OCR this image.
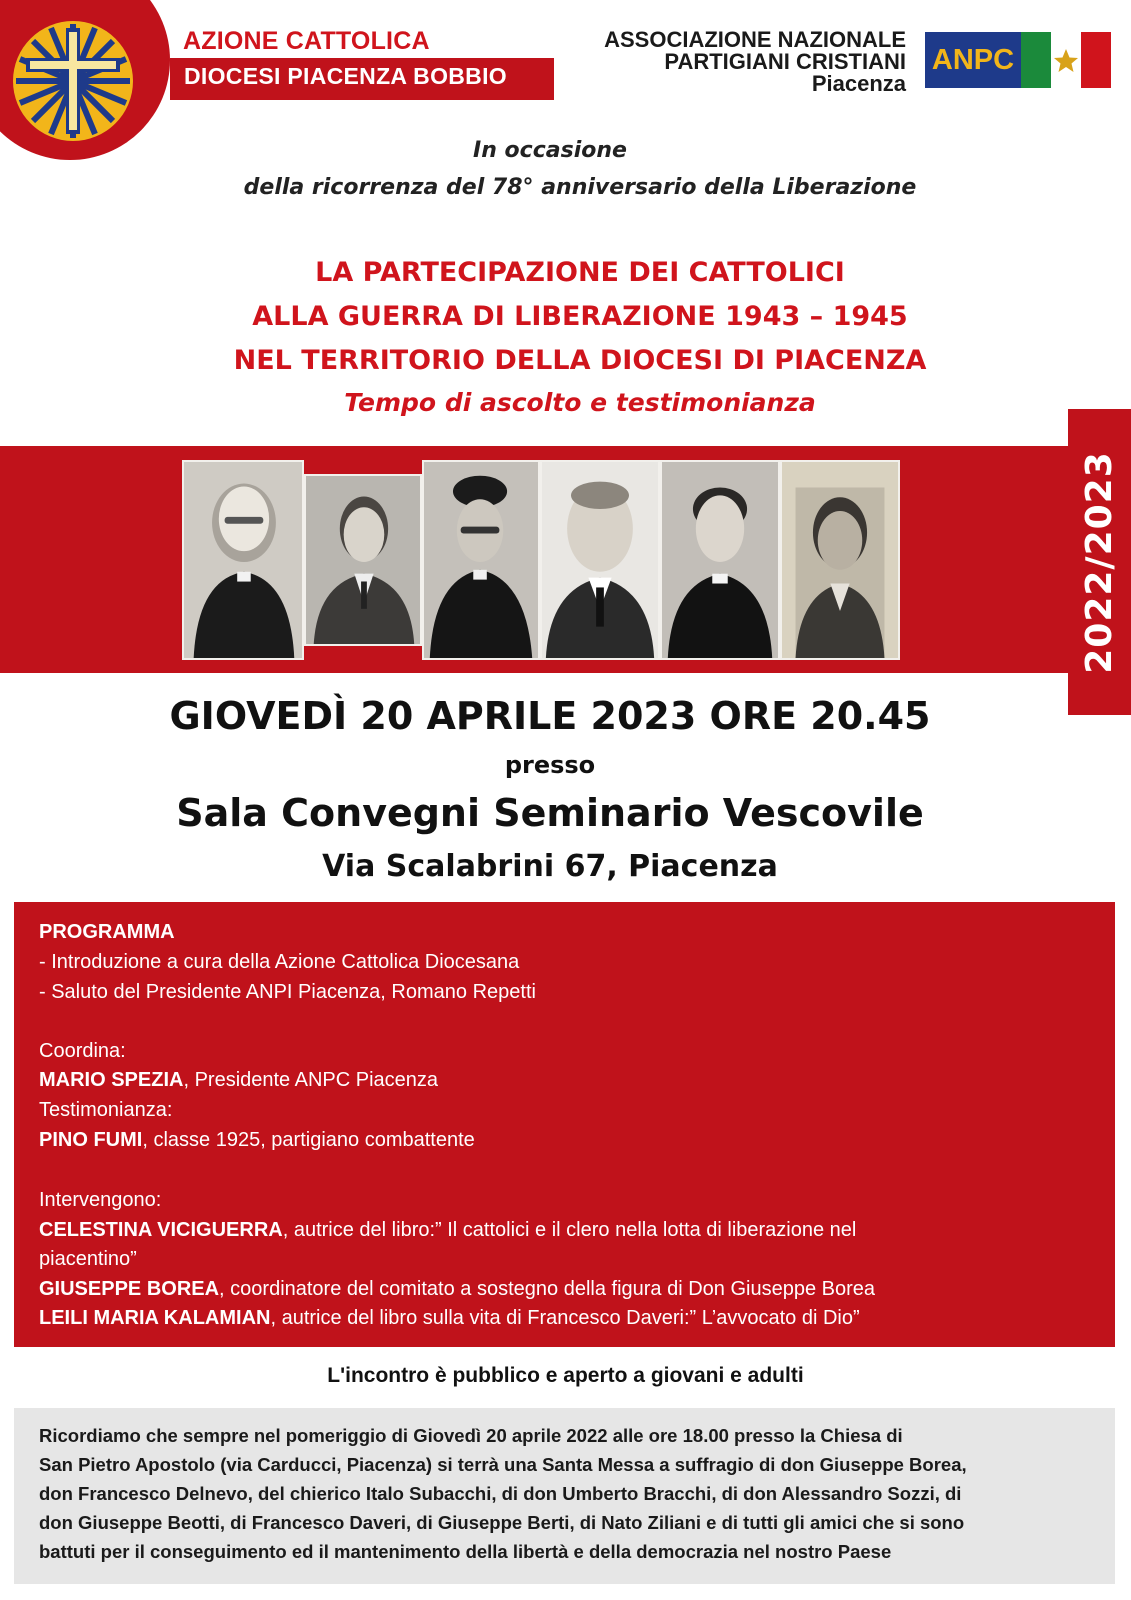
AZIONE CATTOLICA
DIOCESI PIACENZA BOBBIO
ASSOCIAZIONE NAZIONALE
PARTIGIANI CRISTIANI
Piacenza
ANPC
In occasione
della ricorrenza del 78° anniversario della Liberazione
LA PARTECIPAZIONE DEI CATTOLICI
ALLA GUERRA DI LIBERAZIONE 1943 – 1945
NEL TERRITORIO DELLA DIOCESI DI PIACENZA
Tempo di ascolto e testimonianza
2022/2023
GIOVEDÌ 20 APRILE 2023 ORE 20.45
presso
Sala Convegni Seminario Vescovile
Via Scalabrini 67, Piacenza
PROGRAMMA
- Introduzione a cura della Azione Cattolica Diocesana
- Saluto del Presidente ANPI Piacenza, Romano Repetti
Coordina:
MARIO SPEZIA, Presidente ANPC Piacenza
Testimonianza:
PINO FUMI, classe 1925, partigiano combattente
Intervengono:
CELESTINA VICIGUERRA, autrice del libro:” Il cattolici e il clero nella lotta di liberazione nel
piacentino”
GIUSEPPE BOREA, coordinatore del comitato a sostegno della figura di Don Giuseppe Borea
LEILI MARIA KALAMIAN, autrice del libro sulla vita di Francesco Daveri:” L’avvocato di Dio”
L'incontro è pubblico e aperto a giovani e adulti
Ricordiamo che sempre nel pomeriggio di Giovedì 20 aprile 2022 alle ore 18.00 presso la Chiesa di
San Pietro Apostolo (via Carducci, Piacenza) si terrà una Santa Messa a suffragio di don Giuseppe Borea,
don Francesco Delnevo, del chierico Italo Subacchi, di don Umberto Bracchi, di don Alessandro Sozzi, di
don Giuseppe Beotti, di Francesco Daveri, di Giuseppe Berti, di Nato Ziliani e di tutti gli amici che si sono
battuti per il conseguimento ed il mantenimento della libertà e della democrazia nel nostro Paese
